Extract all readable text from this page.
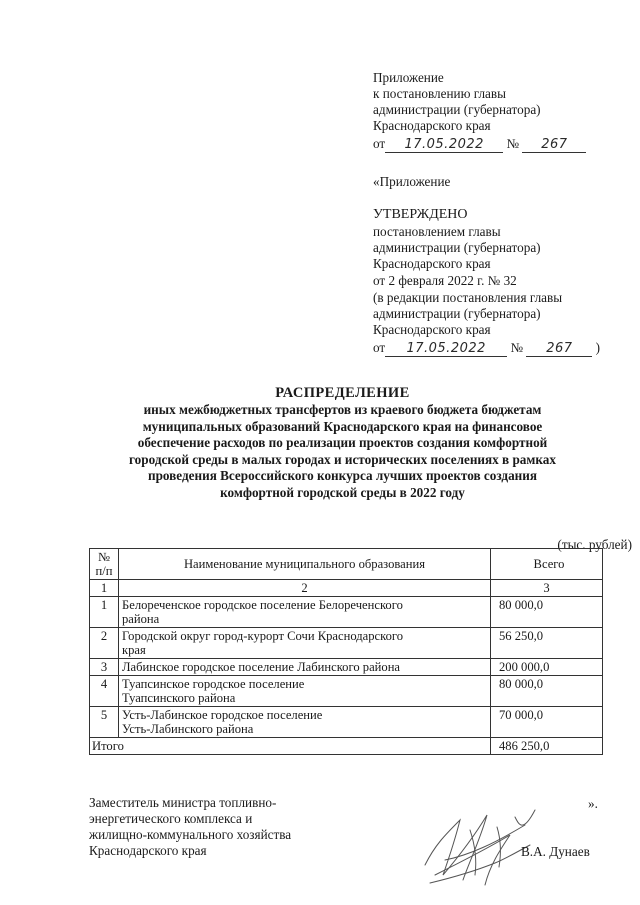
Приложение
к постановлению главы
администрации (губернатора)
Краснодарского края
от 17.05.2022 № 267
«Приложение
УТВЕРЖДЕНО
постановлением главы
администрации (губернатора)
Краснодарского края
от 2 февраля 2022 г. № 32
(в редакции постановления главы
администрации (губернатора)
Краснодарского края
от 17.05.2022 № 267 )
РАСПРЕДЕЛЕНИЕ
иных межбюджетных трансфертов из краевого бюджета бюджетам
муниципальных образований Краснодарского края на финансовое
обеспечение расходов по реализации проектов создания комфортной
городской среды в малых городах и исторических поселениях в рамках
проведения Всероссийского конкурса лучших проектов создания
комфортной городской среды в 2022 году
(тыс. рублей)
№
п/п	Наименование муниципального образования	Всего
1	2	3
1	Белореченское городское поселение Белореченского
района	80 000,0
2	Городской округ город-курорт Сочи Краснодарского
края	56 250,0
3	Лабинское городское поселение Лабинского района	200 000,0
4	Туапсинское городское поселение
Туапсинского района	80 000,0
5	Усть-Лабинское городское поселение
Усть-Лабинского района	70 000,0
Итого		486 250,0
».
Заместитель министра топливно-
энергетического комплекса и
жилищно-коммунального хозяйства
Краснодарского края	В.А. Дунаев
